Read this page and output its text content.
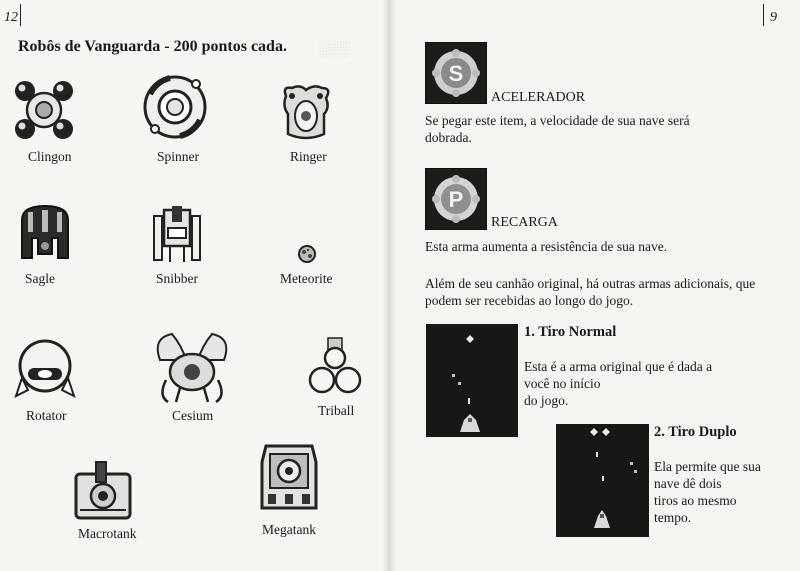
░░░
12
Robôs de Vanguarda - 200 pontos cada.
Clingon	Spinner	Ringer
Sagle	Snibber	Meteorite
Rotator	Cesium	Triball
Macrotank	Megatank
9
S
ACELERADOR
Se pegar este item, a velocidade de sua nave será
dobrada.
P
RECARGA
Esta arma aumenta a resistência de sua nave.
Além de seu canhão original, há outras armas adicionais, que
podem ser recebidas ao longo do jogo.
1. Tiro Normal
Esta é a arma original que é dada a
você no início
do jogo.
2. Tiro Duplo
Ela permite que sua
nave dê dois
tiros ao mesmo
tempo.
